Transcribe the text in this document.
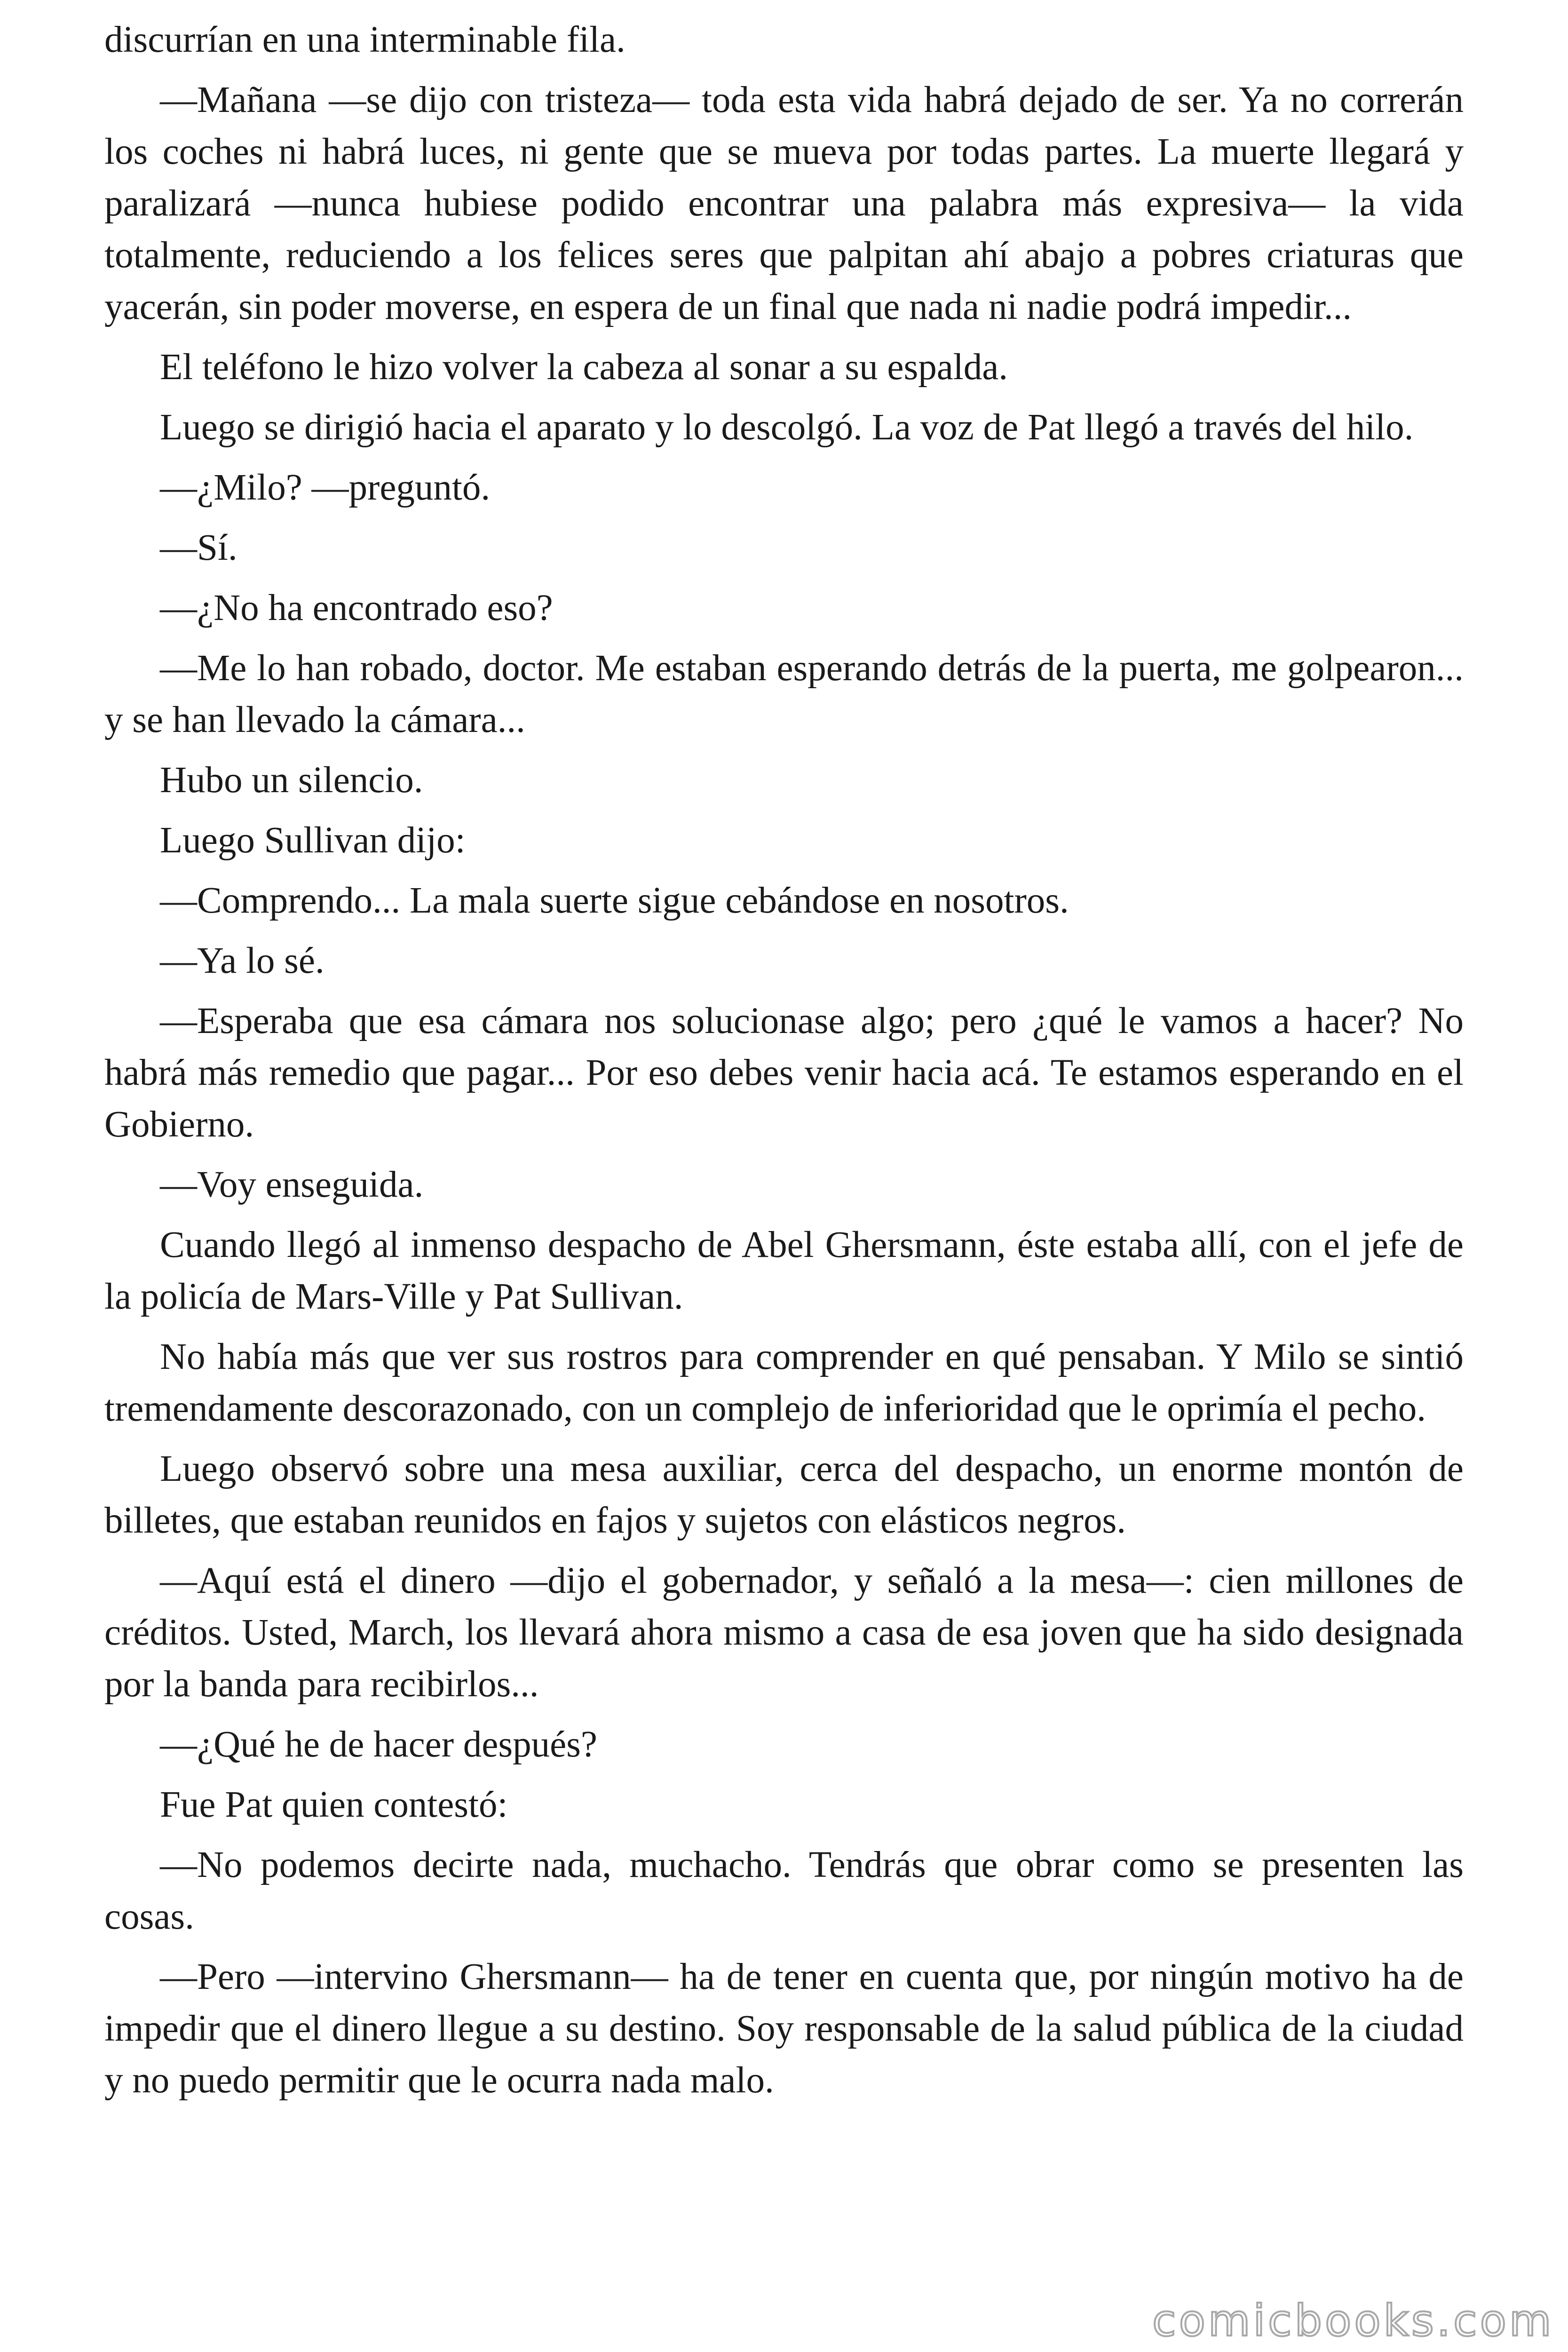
discurrían en una interminable fila.

—Mañana —se dijo con tristeza— toda esta vida habrá dejado de ser. Ya no correrán los coches ni habrá luces, ni gente que se mueva por todas partes. La muerte llegará y paralizará —nunca hubiese podido encontrar una palabra más expresiva— la vida totalmente, reduciendo a los felices seres que palpitan ahí abajo a pobres criaturas que yacerán, sin poder moverse, en espera de un final que nada ni nadie podrá impedir...

El teléfono le hizo volver la cabeza al sonar a su espalda.

Luego se dirigió hacia el aparato y lo descolgó. La voz de Pat llegó a través del hilo.

—¿Milo? —preguntó.

—Sí.

—¿No ha encontrado eso?

—Me lo han robado, doctor. Me estaban esperando detrás de la puerta, me golpearon... y se han llevado la cámara...

Hubo un silencio.

Luego Sullivan dijo:

—Comprendo... La mala suerte sigue cebándose en nosotros.

—Ya lo sé.

—Esperaba que esa cámara nos solucionase algo; pero ¿qué le vamos a hacer? No habrá más remedio que pagar... Por eso debes venir hacia acá. Te estamos esperando en el Gobierno.

—Voy enseguida.

Cuando llegó al inmenso despacho de Abel Ghersmann, éste estaba allí, con el jefe de la policía de Mars-Ville y Pat Sullivan.

No había más que ver sus rostros para comprender en qué pensaban. Y Milo se sintió tremendamente descorazonado, con un complejo de inferioridad que le oprimía el pecho.

Luego observó sobre una mesa auxiliar, cerca del despacho, un enorme montón de billetes, que estaban reunidos en fajos y sujetos con elásticos negros.

—Aquí está el dinero —dijo el gobernador, y señaló a la mesa—: cien millones de créditos. Usted, March, los llevará ahora mismo a casa de esa joven que ha sido designada por la banda para recibirlos...

—¿Qué he de hacer después?

Fue Pat quien contestó:

—No podemos decirte nada, muchacho. Tendrás que obrar como se presenten las cosas.

—Pero —intervino Ghersmann— ha de tener en cuenta que, por ningún motivo ha de impedir que el dinero llegue a su destino. Soy responsable de la salud pública de la ciudad y no puedo permitir que le ocurra nada malo.

comicbooks.com
